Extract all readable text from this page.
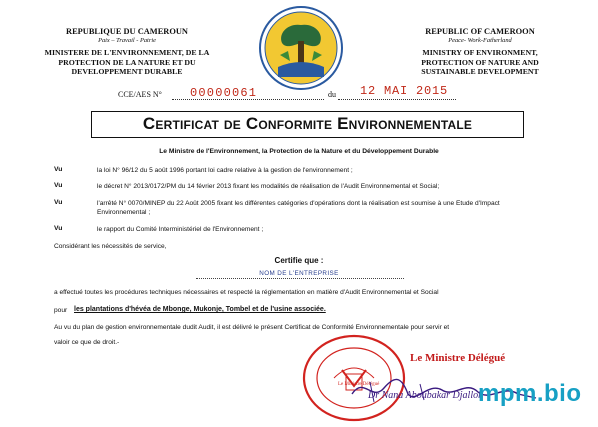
REPUBLIQUE DU CAMEROUN
Paix – Travail - Patrie
MINISTERE DE L'ENVIRONNEMENT, DE LA PROTECTION DE LA NATURE ET DU DEVELOPPEMENT DURABLE
REPUBLIC OF CAMEROON
Peace- Work-Fatherland
MINISTRY OF ENVIRONMENT, PROTECTION OF NATURE AND SUSTAINABLE DEVELOPMENT
CCE/AES N° 00000061	du 12 MAI 2015
Certificat de Conformite Environnementale
Le Ministre de l'Environnement, la Protection de la Nature et du Développement Durable
Vu	la loi N° 96/12 du 5 août 1996 portant loi cadre relative à la gestion de l'environnement ;
Vu	le décret N° 2013/0172/PM du 14 février 2013 fixant les modalités de réalisation de l'Audit Environnemental et Social;
Vu	l'arrêté N° 0070/MINEP du 22 Août 2005 fixant les différentes catégories d'opérations dont la réalisation est soumise à une Etude d'Impact Environnemental ;
Vu	le rapport du Comité Interministériel de l'Environnement ;
Considérant les nécessités de service,
Certifie que :
NOM DE L'ENTREPRISE
a effectué toutes les procédures techniques nécessaires et respecté la réglementation en matière d'Audit Environnemental et Social
pour les plantations d'hévéa de Mbonge, Mukonje, Tombel et de l'usine associée.
Au vu du plan de gestion environnementale dudit Audit, il est délivré le présent Certificat de Conformité Environnementale pour servir et
valoir ce que de droit.-
Le Ministre Délégué
Le Ministre Délégué
Dr Nana Aboubakar Djalloh
mpm.bio
